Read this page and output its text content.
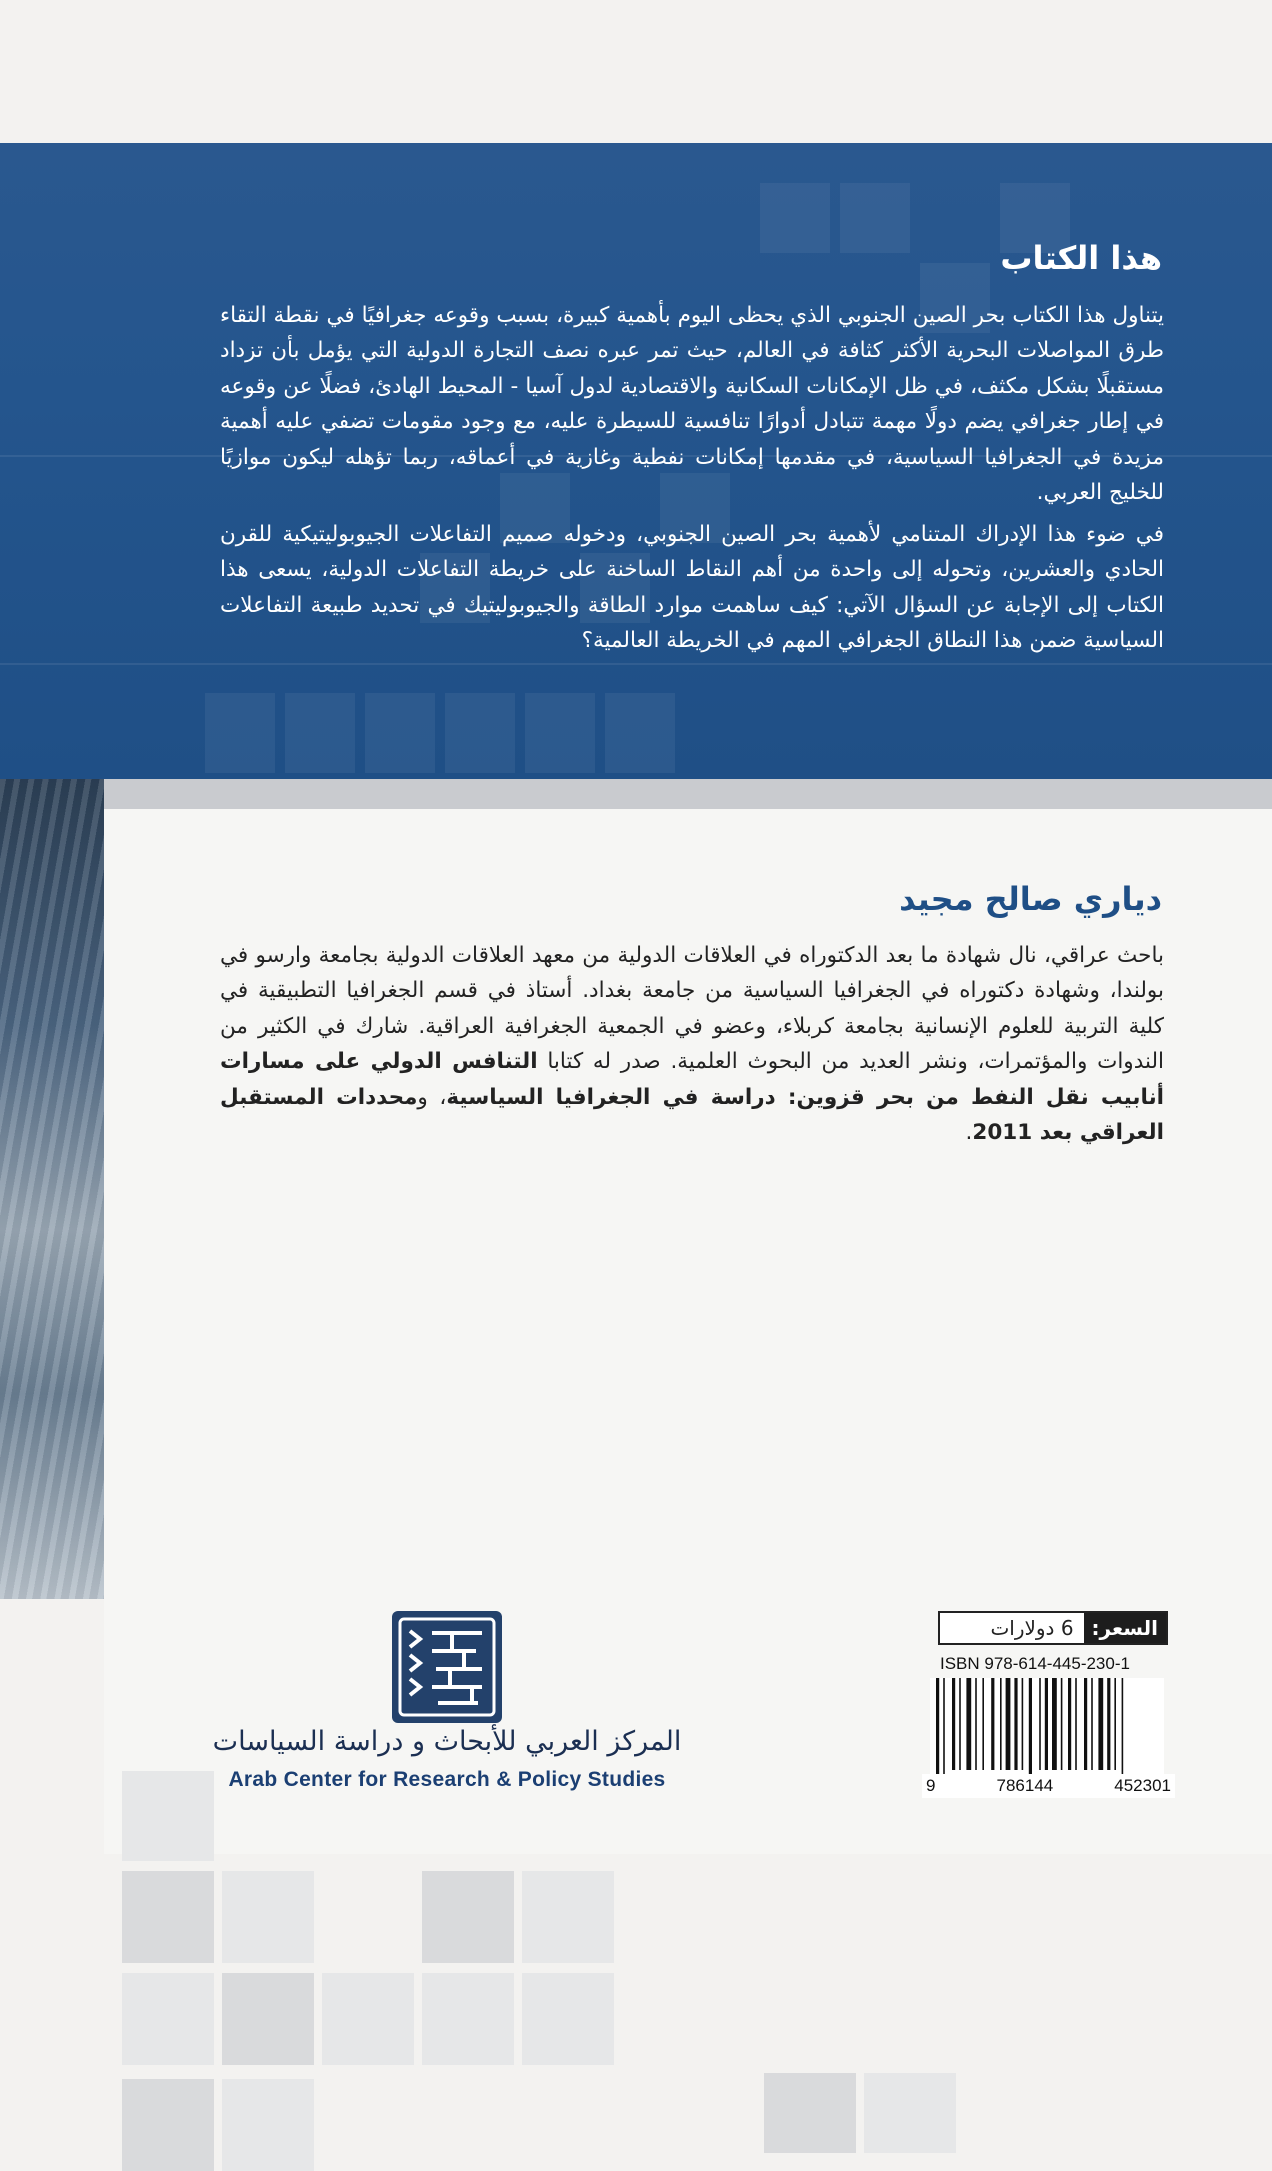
هذا الكتاب

يتناول هذا الكتاب بحر الصين الجنوبي الذي يحظى اليوم بأهمية كبيرة، بسبب وقوعه جغرافيًا في نقطة التقاء طرق المواصلات البحرية الأكثر كثافة في العالم، حيث تمر عبره نصف التجارة الدولية التي يؤمل بأن تزداد مستقبلًا بشكل مكثف، في ظل الإمكانات السكانية والاقتصادية لدول آسيا - المحيط الهادئ، فضلًا عن وقوعه في إطار جغرافي يضم دولًا مهمة تتبادل أدوارًا تنافسية للسيطرة عليه، مع وجود مقومات تضفي عليه أهمية مزيدة في الجغرافيا السياسية، في مقدمها إمكانات نفطية وغازية في أعماقه، ربما تؤهله ليكون موازيًا للخليج العربي.

في ضوء هذا الإدراك المتنامي لأهمية بحر الصين الجنوبي، ودخوله صميم التفاعلات الجيوبوليتيكية للقرن الحادي والعشرين، وتحوله إلى واحدة من أهم النقاط الساخنة على خريطة التفاعلات الدولية، يسعى هذا الكتاب إلى الإجابة عن السؤال الآتي: كيف ساهمت موارد الطاقة والجيوبوليتيك في تحديد طبيعة التفاعلات السياسية ضمن هذا النطاق الجغرافي المهم في الخريطة العالمية؟

دياري صالح مجيد

باحث عراقي، نال شهادة ما بعد الدكتوراه في العلاقات الدولية من معهد العلاقات الدولية بجامعة وارسو في بولندا، وشهادة دكتوراه في الجغرافيا السياسية من جامعة بغداد. أستاذ في قسم الجغرافيا التطبيقية في كلية التربية للعلوم الإنسانية بجامعة كربلاء، وعضو في الجمعية الجغرافية العراقية. شارك في الكثير من الندوات والمؤتمرات، ونشر العديد من البحوث العلمية. صدر له كتابا التنافس الدولي على مسارات أنابيب نقل النفط من بحر قزوين: دراسة في الجغرافيا السياسية، ومحددات المستقبل العراقي بعد 2011.

المركز العربي للأبحاث و دراسة السياسات
Arab Center for Research & Policy Studies
السعر:
6 دولارات
ISBN 978-614-445-230-1
9	786144	452301
